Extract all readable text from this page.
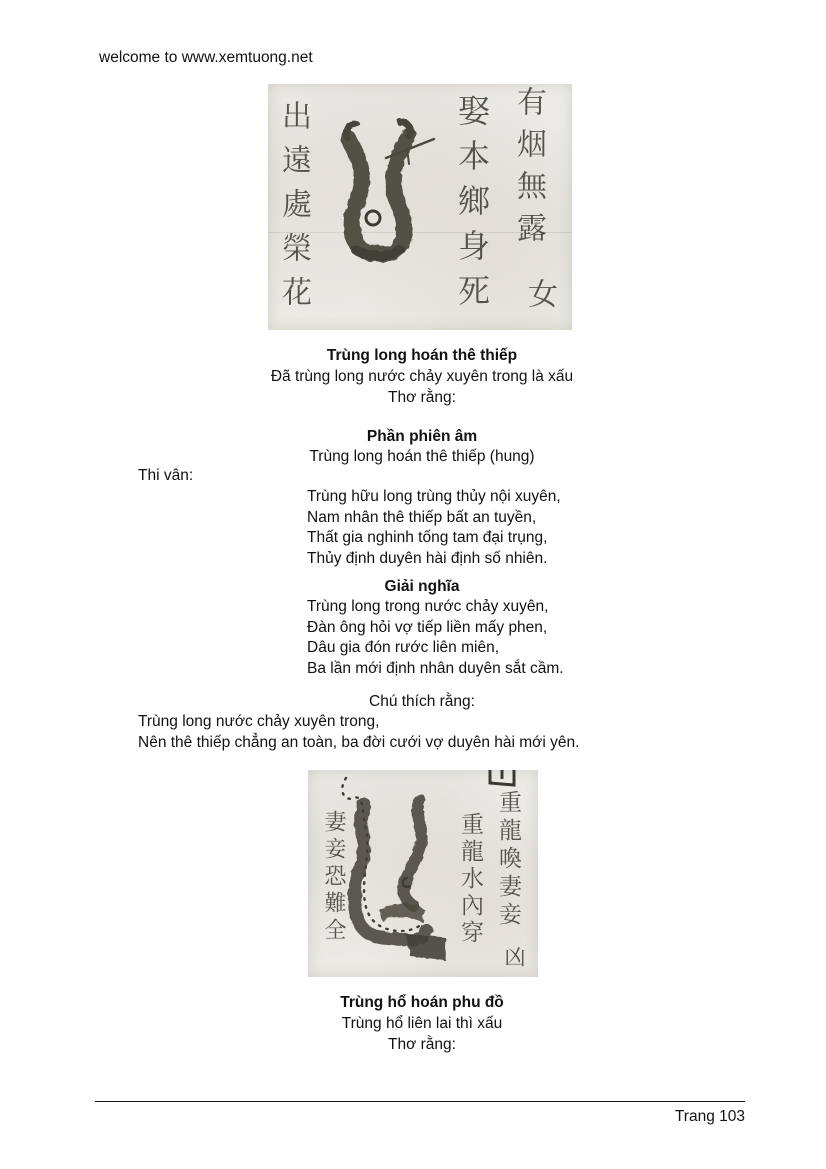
welcome to www.xemtuong.net
出遠處榮花	娶本鄉身死 有烟無露
女
Trùng long hoán thê thiếp
Đã trùng long nước chảy xuyên trong là xấu
Thơ rằng:
Phần phiên âm
Trùng long hoán thê thiếp (hung)
Thi vân:
Trùng hữu long trùng thủy nội xuyên,
Nam nhân thê thiếp bất an tuyền,
Thất gia nghinh tống tam đại trụng,
Thủy định duyên hài định số nhiên.
Giải nghĩa
Trùng long trong nước chảy xuyên,
Đàn ông hỏi vợ tiếp liền mấy phen,
Dâu gia đón rước liên miên,
Ba lần mới định nhân duyên sắt cầm.
Chú thích rằng:
Trùng long nước chảy xuyên trong,
Nên thê thiếp chẳng an toàn, ba đời cưới vợ duyên hài mới yên.
妻妾恐難全	重龍水內穿 重龍喚妻妾
凶
Trùng hổ hoán phu đồ
Trùng hổ liên lai thì xấu
Thơ rằng:
Trang 103
